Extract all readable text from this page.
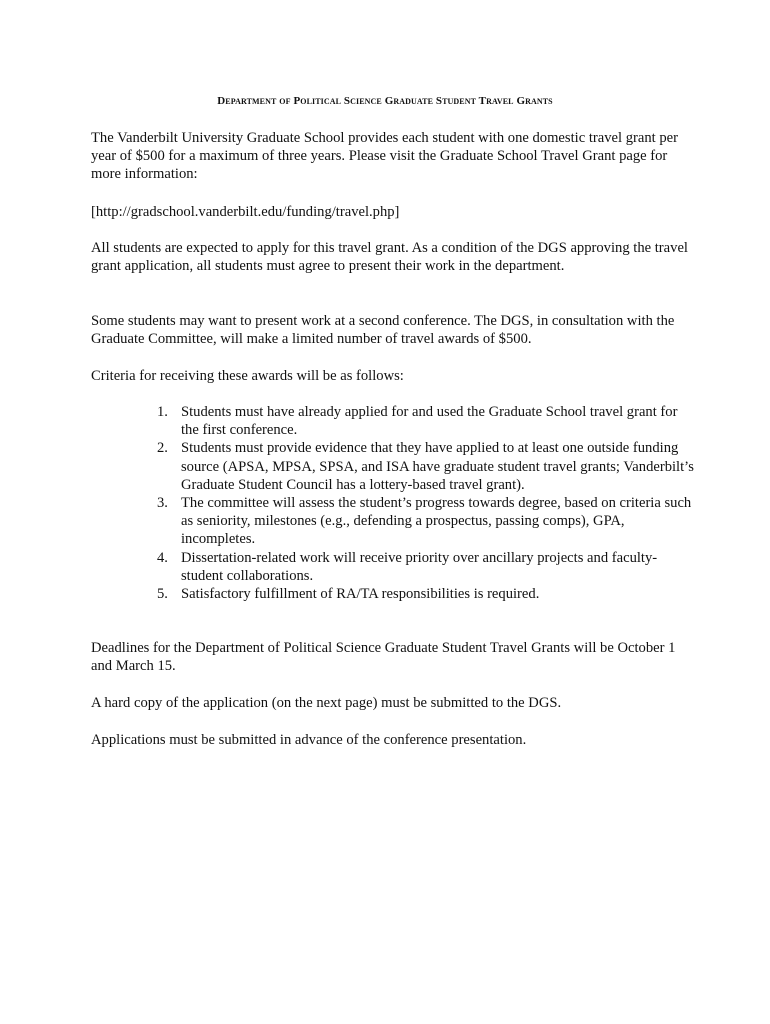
Department of Political Science Graduate Student Travel Grants

The Vanderbilt University Graduate School provides each student with one domestic travel grant per year of $500 for a maximum of three years. Please visit the Graduate School Travel Grant page for more information:

[http://gradschool.vanderbilt.edu/funding/travel.php]

All students are expected to apply for this travel grant. As a condition of the DGS approving the travel grant application, all students must agree to present their work in the department.

Some students may want to present work at a second conference. The DGS, in consultation with the Graduate Committee, will make a limited number of travel awards of $500.

Criteria for receiving these awards will be as follows:

1. Students must have already applied for and used the Graduate School travel grant for the first conference.
2. Students must provide evidence that they have applied to at least one outside funding source (APSA, MPSA, SPSA, and ISA have graduate student travel grants; Vanderbilt’s Graduate Student Council has a lottery-based travel grant).
3. The committee will assess the student’s progress towards degree, based on criteria such as seniority, milestones (e.g., defending a prospectus, passing comps), GPA, incompletes.
4. Dissertation-related work will receive priority over ancillary projects and faculty-student collaborations.
5. Satisfactory fulfillment of RA/TA responsibilities is required.

Deadlines for the Department of Political Science Graduate Student Travel Grants will be October 1 and March 15.

A hard copy of the application (on the next page) must be submitted to the DGS.

Applications must be submitted in advance of the conference presentation.
